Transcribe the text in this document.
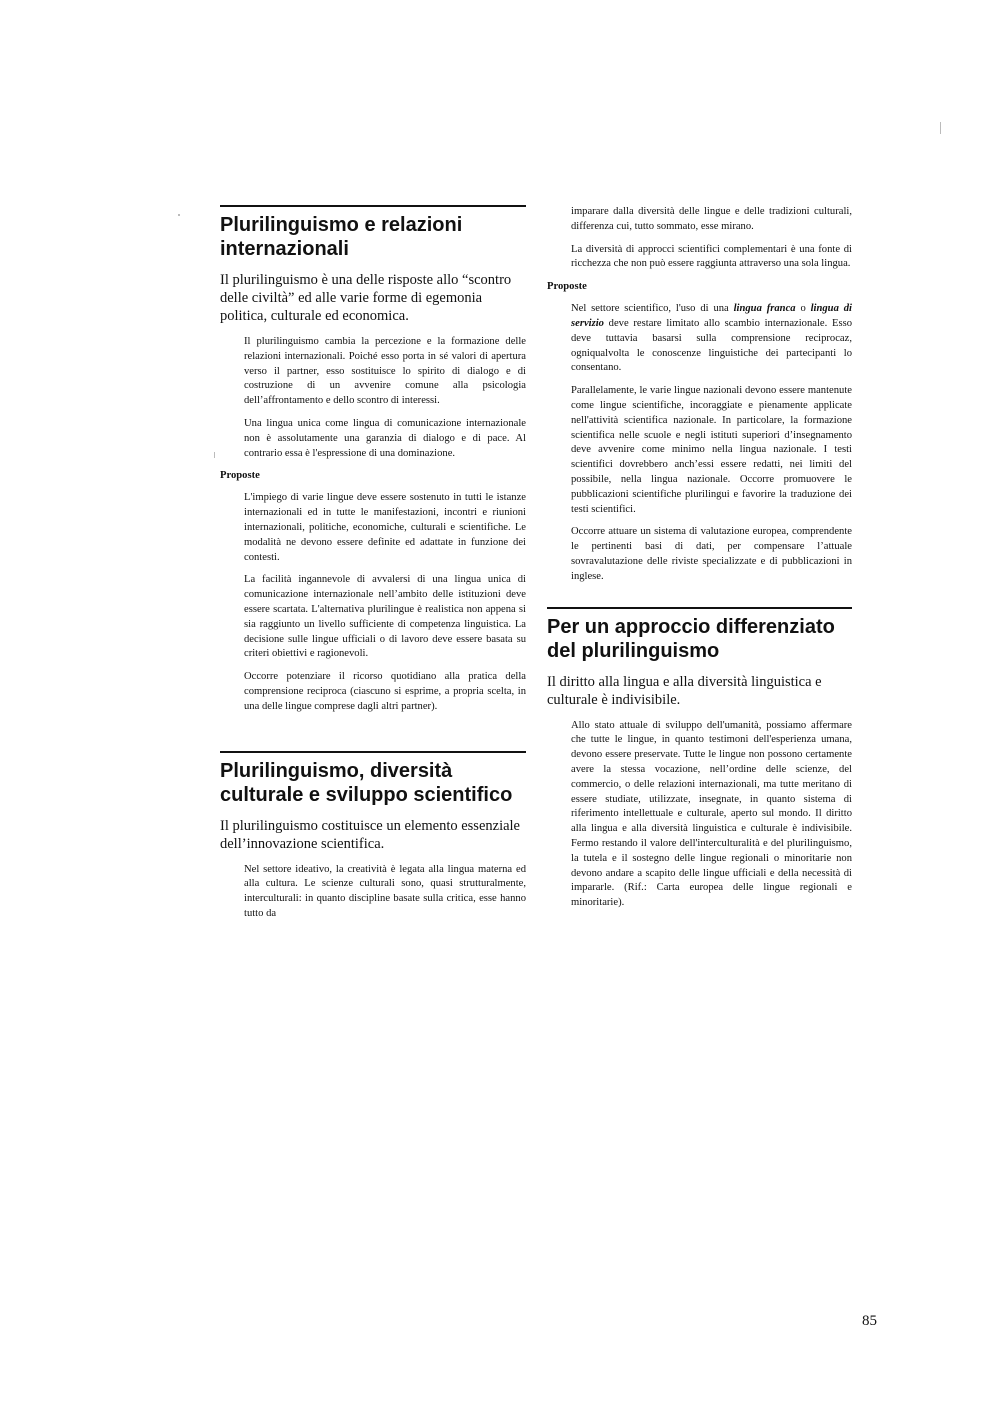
Plurilinguismo e relazioni internazionali

Il plurilinguismo è una delle risposte allo “scontro delle civiltà” ed alle varie forme di egemonia politica, culturale ed economica.

Il plurilinguismo cambia la percezione e la formazione delle relazioni internazionali. Poiché esso porta in sé valori di apertura verso il partner, esso sostituisce lo spirito di dialogo e di costruzione di un avvenire comune alla psicologia dell’affrontamento e dello scontro di interessi.

Una lingua unica come lingua di comunicazione internazionale non è assolutamente una garanzia di dialogo e di pace. Al contrario essa è l'espressione di una dominazione.

Proposte

L'impiego di varie lingue deve essere sostenuto in tutti le istanze internazionali ed in tutte le manifestazioni, incontri e riunioni internazionali, politiche, economiche, culturali e scientifiche. Le modalità ne devono essere definite ed adattate in funzione dei contesti.

La facilità ingannevole di avvalersi di una lingua unica di comunicazione internazionale nell’ambito delle istituzioni deve essere scartata. L'alternativa plurilingue è realistica non appena si sia raggiunto un livello sufficiente di competenza linguistica. La decisione sulle lingue ufficiali o di lavoro deve essere basata su criteri obiettivi e ragionevoli.

Occorre potenziare il ricorso quotidiano alla pratica della comprensione reciproca (ciascuno si esprime, a propria scelta, in una delle lingue comprese dagli altri partner).

Plurilinguismo, diversità culturale e sviluppo scientifico

Il plurilinguismo costituisce un elemento essenziale dell’innovazione scientifica.

Nel settore ideativo, la creatività è legata alla lingua materna ed alla cultura. Le scienze culturali sono, quasi strutturalmente, interculturali: in quanto discipline basate sulla critica, esse hanno tutto da

imparare dalla diversità delle lingue e delle tradizioni culturali, differenza cui, tutto sommato, esse mirano.

La diversità di approcci scientifici complementari è una fonte di ricchezza che non può essere raggiunta attraverso una sola lingua.

Proposte

Nel settore scientifico, l'uso di una lingua franca o lingua di servizio deve restare limitato allo scambio internazionale. Esso deve tuttavia basarsi sulla comprensione reciprocaz, ogniqualvolta le conoscenze linguistiche dei partecipanti lo consentano.

Parallelamente, le varie lingue nazionali devono essere mantenute come lingue scientifiche, incoraggiate e pienamente applicate nell'attività scientifica nazionale. In particolare, la formazione scientifica nelle scuole e negli istituti superiori d’insegnamento deve avvenire come minimo nella lingua nazionale. I testi scientifici dovrebbero anch’essi essere redatti, nei limiti del possibile, nella lingua nazionale. Occorre promuovere le pubblicazioni scientifiche plurilingui e favorire la traduzione dei testi scientifici.

Occorre attuare un sistema di valutazione europea, comprendente le pertinenti basi di dati, per compensare l’attuale sovravalutazione delle riviste specializzate e di pubblicazioni in inglese.

Per un approccio differenziato del plurilinguismo

Il diritto alla lingua e alla diversità linguistica e culturale è indivisibile.

Allo stato attuale di sviluppo dell'umanità, possiamo affermare che tutte le lingue, in quanto testimoni dell'esperienza umana, devono essere preservate. Tutte le lingue non possono certamente avere la stessa vocazione, nell’ordine delle scienze, del commercio, o delle relazioni internazionali, ma tutte meritano di essere studiate, utilizzate, insegnate, in quanto sistema di riferimento intellettuale e culturale, aperto sul mondo. Il diritto alla lingua e alla diversità linguistica e culturale è indivisibile. Fermo restando il valore dell'interculturalità e del plurilinguismo, la tutela e il sostegno delle lingue regionali o minoritarie non devono andare a scapito delle lingue ufficiali e della necessità di impararle. (Rif.: Carta europea delle lingue regionali e minoritarie).

85
